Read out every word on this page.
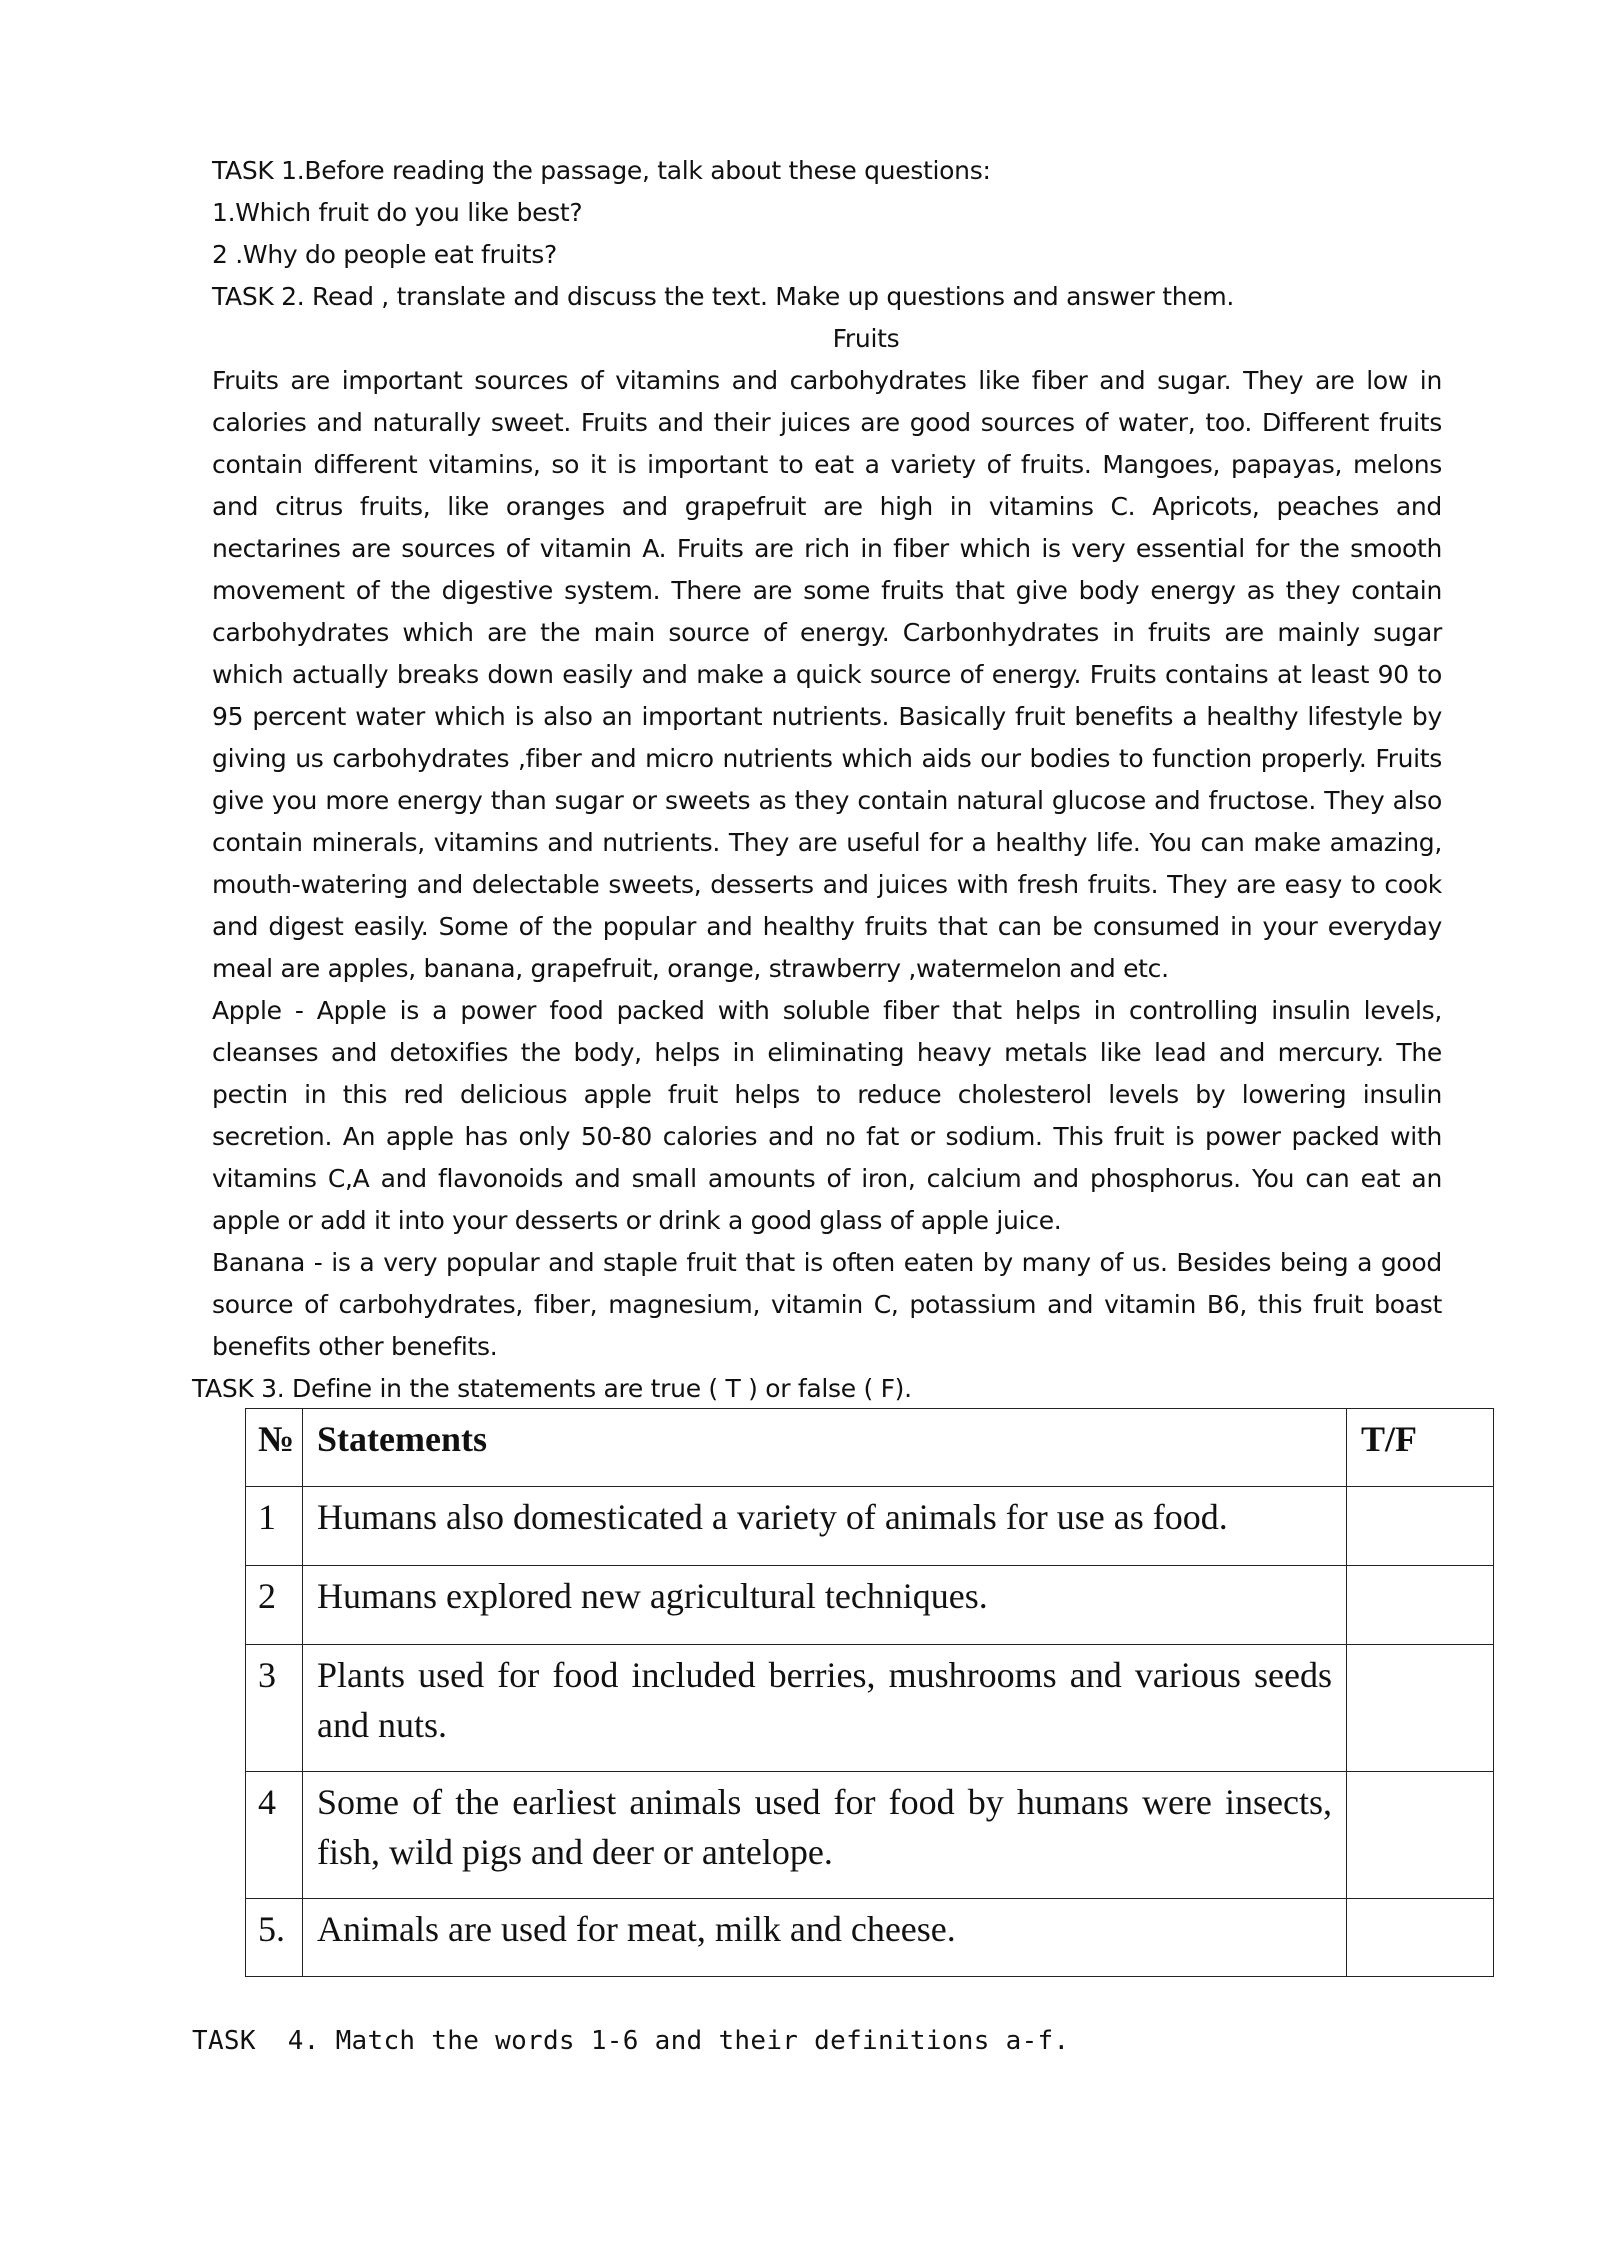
TASK 1.Before reading the passage, talk about these questions:
1.Which fruit do you like best?
2 .Why do people eat fruits?
TASK 2. Read , translate and discuss the text. Make up questions and answer them.
Fruits
Fruits are important sources of vitamins and carbohydrates like fiber and sugar. They are low in calories and naturally sweet. Fruits and their juices are good sources of water, too. Different fruits contain different vitamins, so it is important to eat a variety of fruits. Mangoes, papayas, melons and citrus fruits, like oranges and grapefruit are high in vitamins C. Apricots, peaches and nectarines are sources of vitamin A. Fruits are rich in fiber which is very essential for the smooth movement of the digestive system. There are some fruits that give body energy as they contain carbohydrates which are the main source of energy. Carbonhydrates in fruits are mainly sugar which actually breaks down easily and make a quick source of energy. Fruits contains at least 90 to 95 percent water which is also an important nutrients. Basically fruit benefits a healthy lifestyle by giving us carbohydrates ,fiber and micro nutrients which aids our bodies to function properly. Fruits give you more energy than sugar or sweets as they contain natural glucose and fructose. They also contain minerals, vitamins and nutrients. They are useful for a healthy life. You can make amazing, mouth-watering and delectable sweets, desserts and juices with fresh fruits. They are easy to cook and digest easily. Some of the popular and healthy fruits that can be consumed in your everyday meal are apples, banana, grapefruit, orange, strawberry ,watermelon and etc.
Apple - Apple is a power food packed with soluble fiber that helps in controlling insulin levels, cleanses and detoxifies the body, helps in eliminating heavy metals like lead and mercury. The pectin in this red delicious apple fruit helps to reduce cholesterol levels by lowering insulin secretion. An apple has only 50-80 calories and no fat or sodium. This fruit is power packed with vitamins C,A and flavonoids and small amounts of iron, calcium and phosphorus. You can eat an apple or add it into your desserts or drink a good glass of apple juice.
Banana - is a very popular and staple fruit that is often eaten by many of us. Besides being a good source of carbohydrates, fiber, magnesium, vitamin C, potassium and vitamin B6, this fruit boast benefits other benefits.
TASK 3. Define in the statements are true ( T ) or false ( F).
№	Statements	T/F
1	Humans also domesticated a variety of animals for use as food.	
2	Humans explored new agricultural techniques.	
3	Plants used for food included berries, mushrooms and various seeds and nuts.	
4	Some of the earliest animals used for food by humans were insects, fish, wild pigs and deer or antelope.	
5.	Animals are used for meat, milk and cheese.	
TASK  4. Match the words 1-6 and their definitions a-f.
